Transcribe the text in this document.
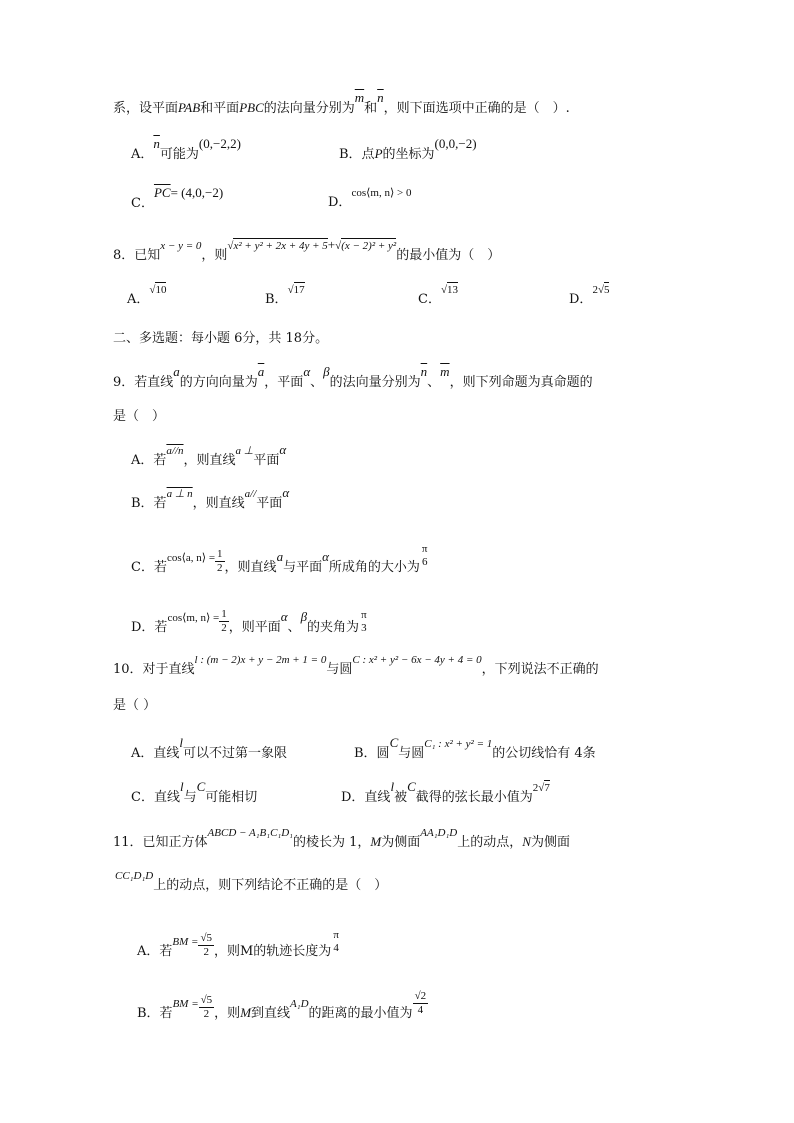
系，设平面PAB和平面PBC的法向量分别为$\overline{m}$和$\overline{n}$，则下面选项中正确的是（　）.
A．$\overline{n}$可能为(0,−2,2)
B．点P的坐标为(0,0,−2)
C．$\overline{PC}= (4,0,-2)$
D．$^{cos⟨m, n⟩ > 0}$
8．已知$^{x - y = 0}$，则$^{√x^2 + y^2 + 2x + 4y + 5}$+$^{√(x - 2)^2 + y^2}$的最小值为（　）
A．$^{√10}$
B．$^{√17}$
C．$^{√13}$
D．$^{2√5}$
二、多选题：每小题 6分，共 18分。
9．若直线a的方向向量为$\overline{a}$，平面α、β的法向量分别为$\overline{n}$、$\overline{m}$，则下列命题为真命题的
是（　）
A．若$^{a//n}$，则直线$^{a \perp}$平面α
B．若$^{a \perp n}$，则直线$^{a//}$平面α
C．若$^{cos⟨a, n⟩ =} \frac{1}{2}$ ，则直线a与平面α所成角的大小为
π
6
D．若$^{cos⟨m, n⟩ =} \frac{1}{2}$ ，则平面α、β的夹角为
π
3
10．对于直线$^{l : (m - 2)x + y - 2m + 1 = 0}$与圆$^{C : x^2 + y^2 - 6x - 4y + 4 = 0}$，下列说法不正确的
是（ ）
A．直线l可以不过第一象限	B．圆C与圆$^{C_1 : x^2 + y^2 = 1}$的公切线恰有 4条
C．直线l与C可能相切	D．直线l被C截得的弦长最小值为$^{2√7}$
11．已知正方体$^{ABCD - A_1B_1C_1D_1}$的棱长为 1，M为侧面$^{AA_1D_1D}$上的动点，N为侧面
$^{CC_1D_1D}$上的动点，则下列结论不正确的是（　）
A．若$^{BM =} \frac{√5}{2}$ ，则M的轨迹长度为
π
4
B．若$^{BM =} \frac{√5}{2}$ ，则M到直线$^{A_1D}$的距离的最小值为 $\frac{√2}{4}$
